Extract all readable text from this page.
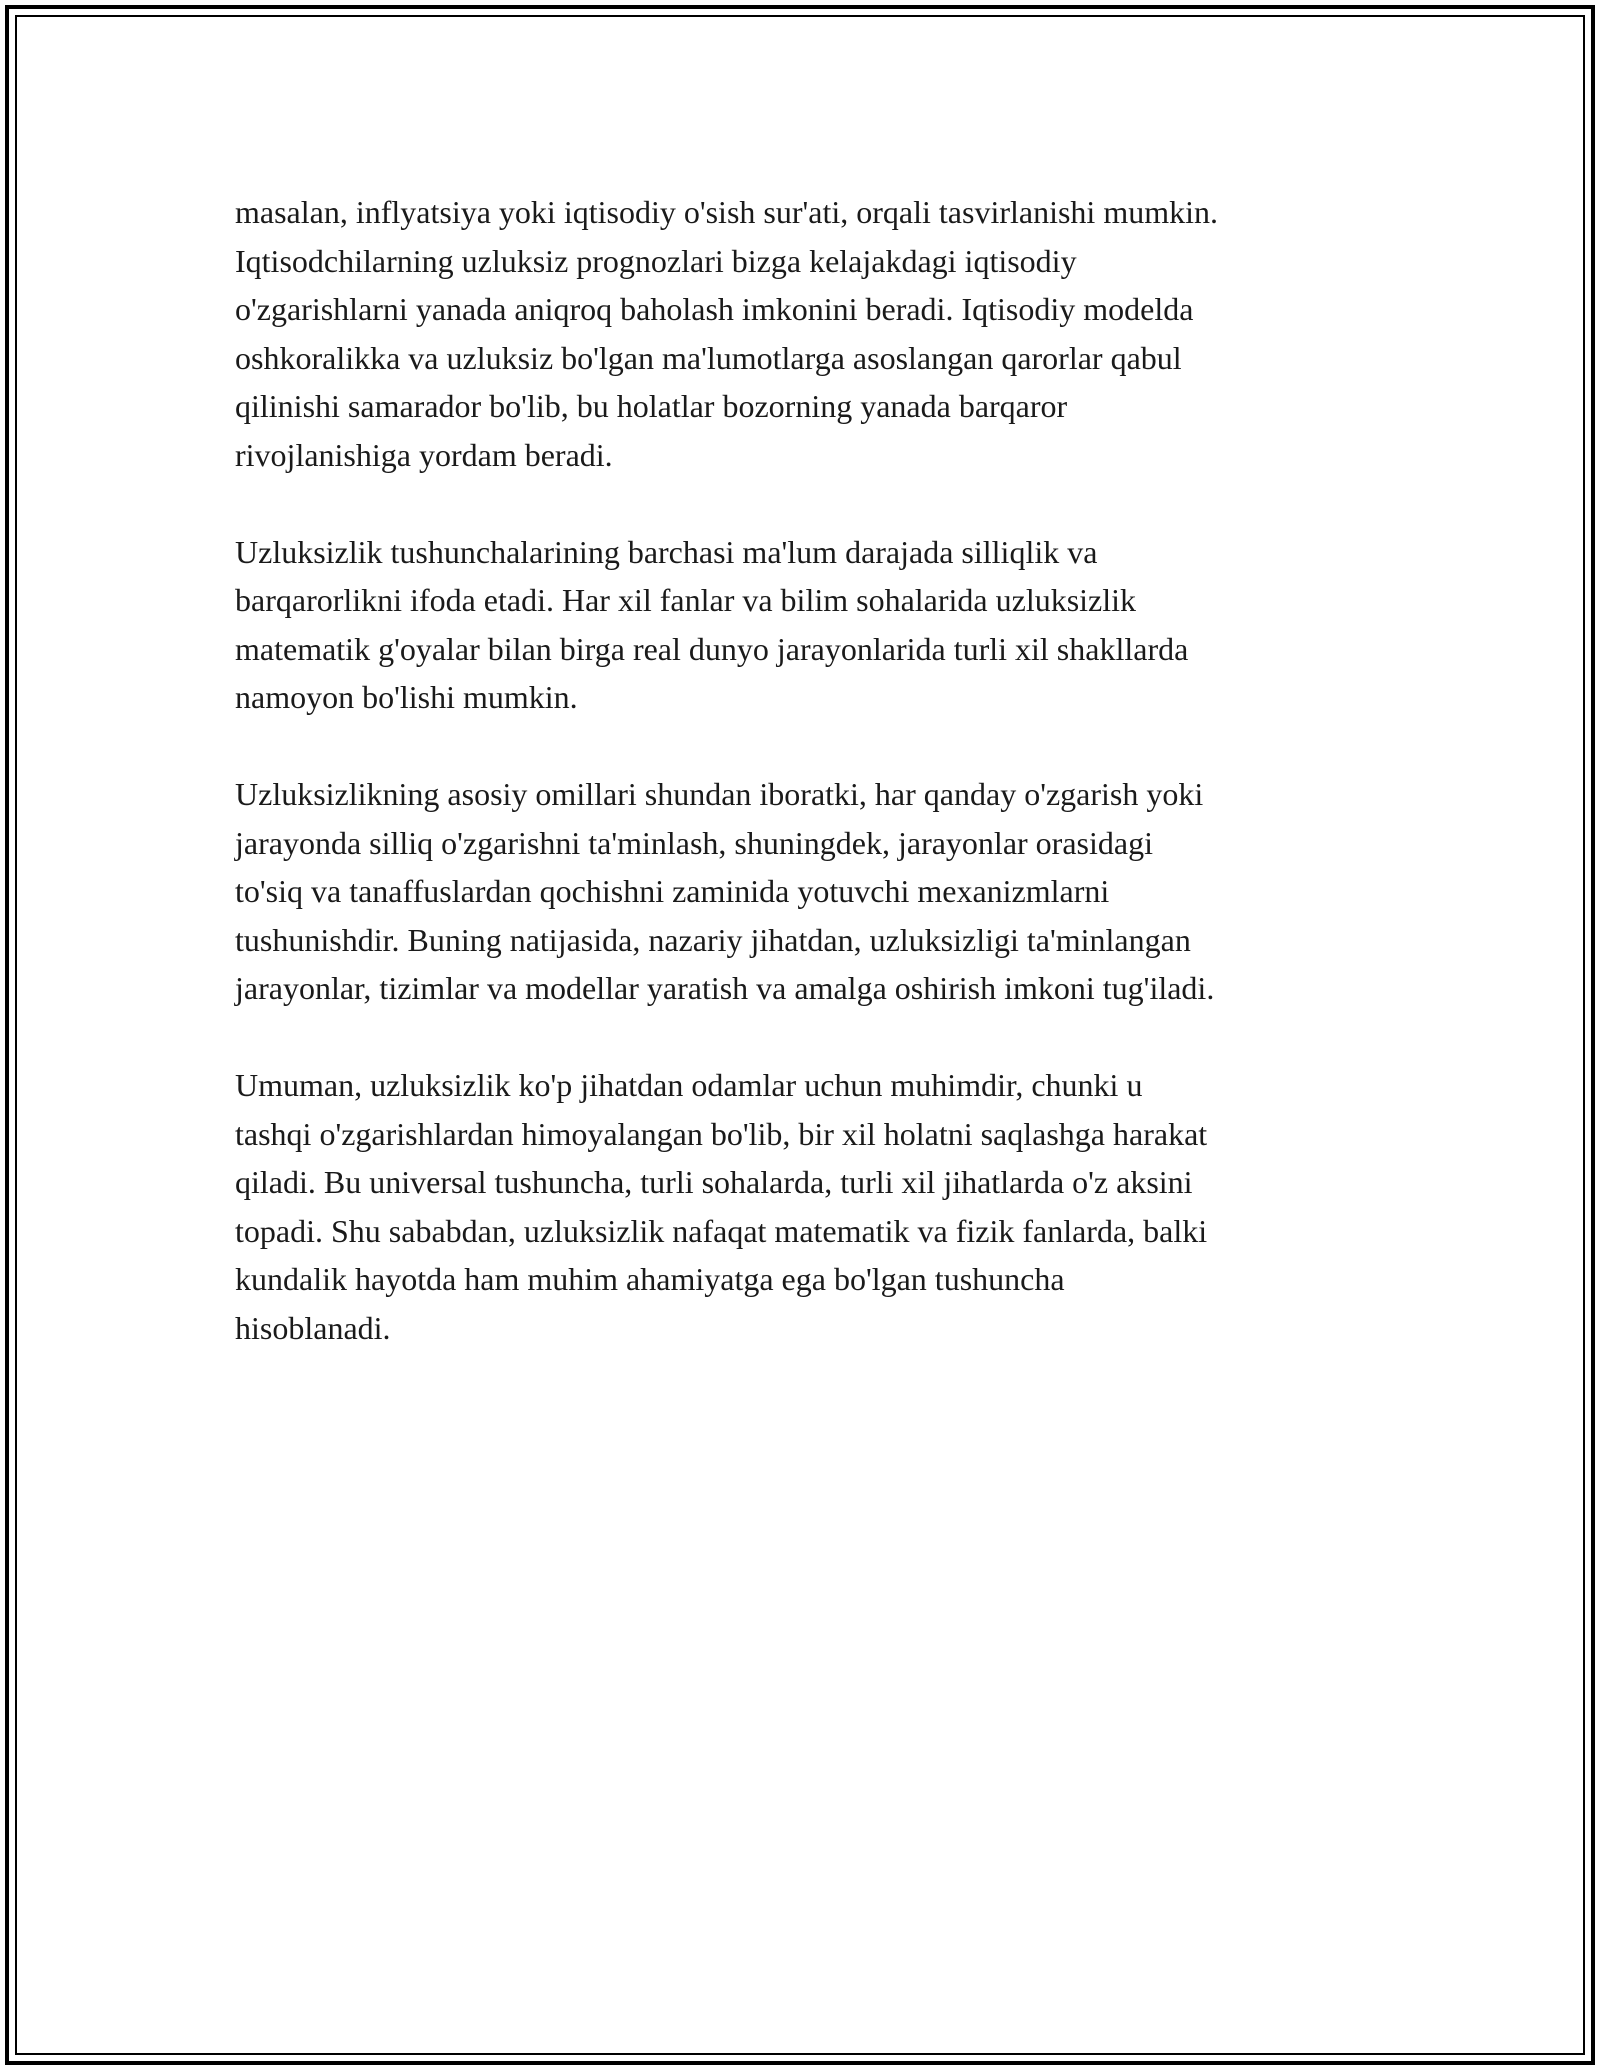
masalan, inflyatsiya yoki iqtisodiy o'sish sur'ati, orqali tasvirlanishi mumkin.
Iqtisodchilarning uzluksiz prognozlari bizga kelajakdagi iqtisodiy
o'zgarishlarni yanada aniqroq baholash imkonini beradi. Iqtisodiy modelda
oshkoralikka va uzluksiz bo'lgan ma'lumotlarga asoslangan qarorlar qabul
qilinishi samarador bo'lib, bu holatlar bozorning yanada barqaror
rivojlanishiga yordam beradi.

Uzluksizlik tushunchalarining barchasi ma'lum darajada silliqlik va
barqarorlikni ifoda etadi. Har xil fanlar va bilim sohalarida uzluksizlik
matematik g'oyalar bilan birga real dunyo jarayonlarida turli xil shakllarda
namoyon bo'lishi mumkin.

Uzluksizlikning asosiy omillari shundan iboratki, har qanday o'zgarish yoki
jarayonda silliq o'zgarishni ta'minlash, shuningdek, jarayonlar orasidagi
to'siq va tanaffuslardan qochishni zaminida yotuvchi mexanizmlarni
tushunishdir. Buning natijasida, nazariy jihatdan, uzluksizligi ta'minlangan
jarayonlar, tizimlar va modellar yaratish va amalga oshirish imkoni tug'iladi.

Umuman, uzluksizlik ko'p jihatdan odamlar uchun muhimdir, chunki u
tashqi o'zgarishlardan himoyalangan bo'lib, bir xil holatni saqlashga harakat
qiladi. Bu universal tushuncha, turli sohalarda, turli xil jihatlarda o'z aksini
topadi. Shu sababdan, uzluksizlik nafaqat matematik va fizik fanlarda, balki
kundalik hayotda ham muhim ahamiyatga ega bo'lgan tushuncha
hisoblanadi.
